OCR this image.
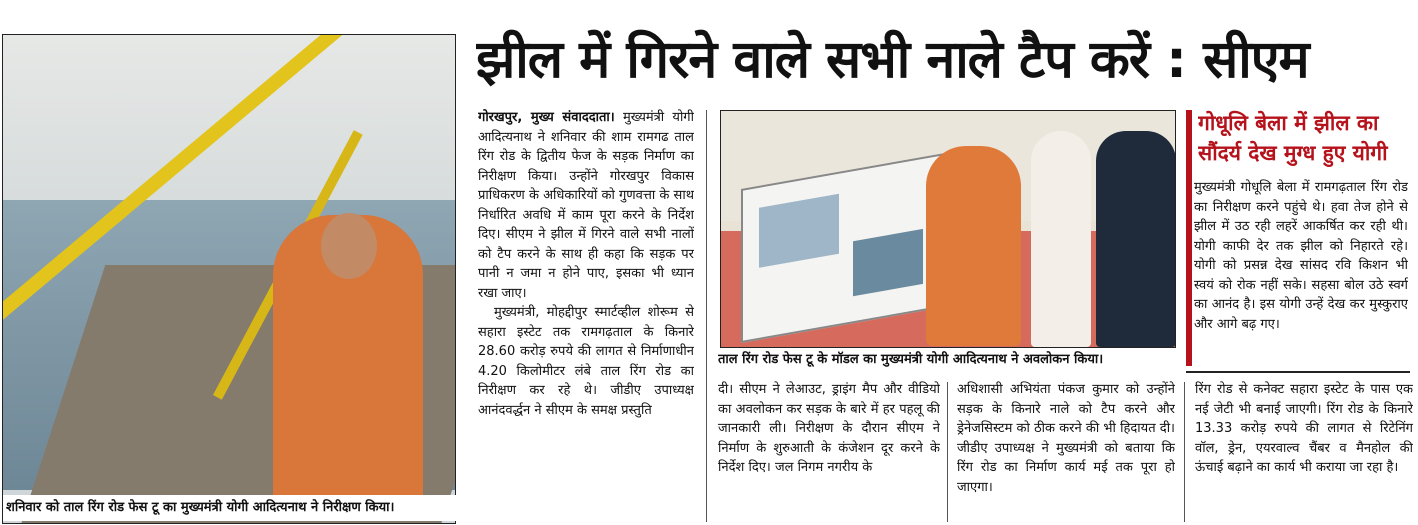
शनिवार को ताल रिंग रोड फेस टू का मुख्यमंत्री योगी आदित्यनाथ ने निरीक्षण किया।
झील में गिरने वाले सभी नाले टैप करें : सीएम

गोरखपुर, मुख्य संवाददाता। मुख्यमंत्री योगी आदित्यनाथ ने शनिवार की शाम रामगढ ताल रिंग रोड के द्वितीय फेज के सड़क निर्माण का निरीक्षण किया। उन्होंने गोरखपुर विकास प्राधिकरण के अधिकारियों को गुणवत्ता के साथ निर्धारित अवधि में काम पूरा करने के निर्देश दिए। सीएम ने झील में गिरने वाले सभी नालों को टैप करने के साथ ही कहा कि सड़क पर पानी न जमा न होने पाए, इसका भी ध्यान रखा जाए।

मुख्यमंत्री, मोहद्दीपुर स्मार्टव्हील शोरूम से सहारा इस्टेट तक रामगढ़ताल के किनारे 28.60 करोड़ रुपये की लागत से निर्माणाधीन 4.20 किलोमीटर लंबे ताल रिंग रोड का निरीक्षण कर रहे थे। जीडीए उपाध्यक्ष आनंदवर्द्धन ने सीएम के समक्ष प्रस्तुति

ताल रिंग रोड फेस टू के मॉडल का मुख्यमंत्री योगी आदित्यनाथ ने अवलोकन किया।
दी। सीएम ने लेआउट, ड्राइंग मैप और वीडियो का अवलोकन कर सड़क के बारे में हर पहलू की जानकारी ली। निरीक्षण के दौरान सीएम ने निर्माण के शुरुआती के कंजेशन दूर करने के निर्देश दिए। जल निगम नगरीय के
अधिशासी अभियंता पंकज कुमार को उन्होंने सड़क के किनारे नाले को टैप करने और ड्रेनेजसिस्टम को ठीक करने की भी हिदायत दी। जीडीए उपाध्यक्ष ने मुख्यमंत्री को बताया कि रिंग रोड का निर्माण कार्य मई तक पूरा हो जाएगा।
रिंग रोड से कनेक्ट सहारा इस्टेट के पास एक नई जेटी भी बनाई जाएगी। रिंग रोड के किनारे 13.33 करोड़ रुपये की लागत से रिटेनिंग वॉल, ड्रेन, एयरवाल्व चैंबर व मैनहोल की ऊंचाई बढ़ाने का कार्य भी कराया जा रहा है।
गोधूलि बेला में झील का सौंदर्य देख मुग्ध हुए योगी
मुख्यमंत्री गोधूलि बेला में रामगढ़ताल रिंग रोड का निरीक्षण करने पहुंचे थे। हवा तेज होने से झील में उठ रही लहरें आकर्षित कर रही थी। योगी काफी देर तक झील को निहारते रहे। योगी को प्रसन्न देख सांसद रवि किशन भी स्वयं को रोक नहीं सके। सहसा बोल उठे स्वर्ग का आनंद है। इस योगी उन्हें देख कर मुस्कुराए और आगे बढ़ गए।
